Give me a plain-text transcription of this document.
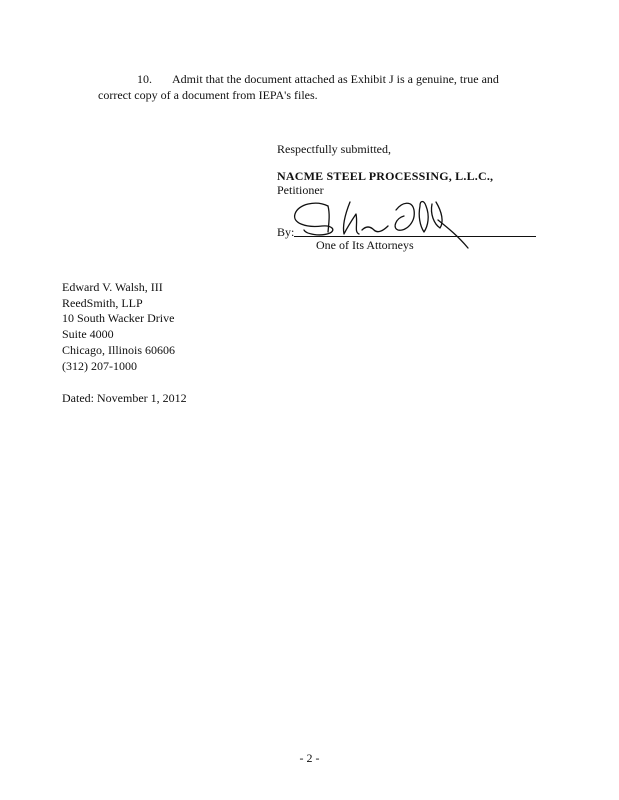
10. Admit that the document attached as Exhibit J is a genuine, true and
correct copy of a document from IEPA's files.
Respectfully submitted,
NACME STEEL PROCESSING, L.L.C.,
Petitioner
By:
One of Its Attorneys
Edward V. Walsh, III
ReedSmith, LLP
10 South Wacker Drive
Suite 4000
Chicago, Illinois 60606
(312) 207-1000
Dated: November 1, 2012
- 2 -
